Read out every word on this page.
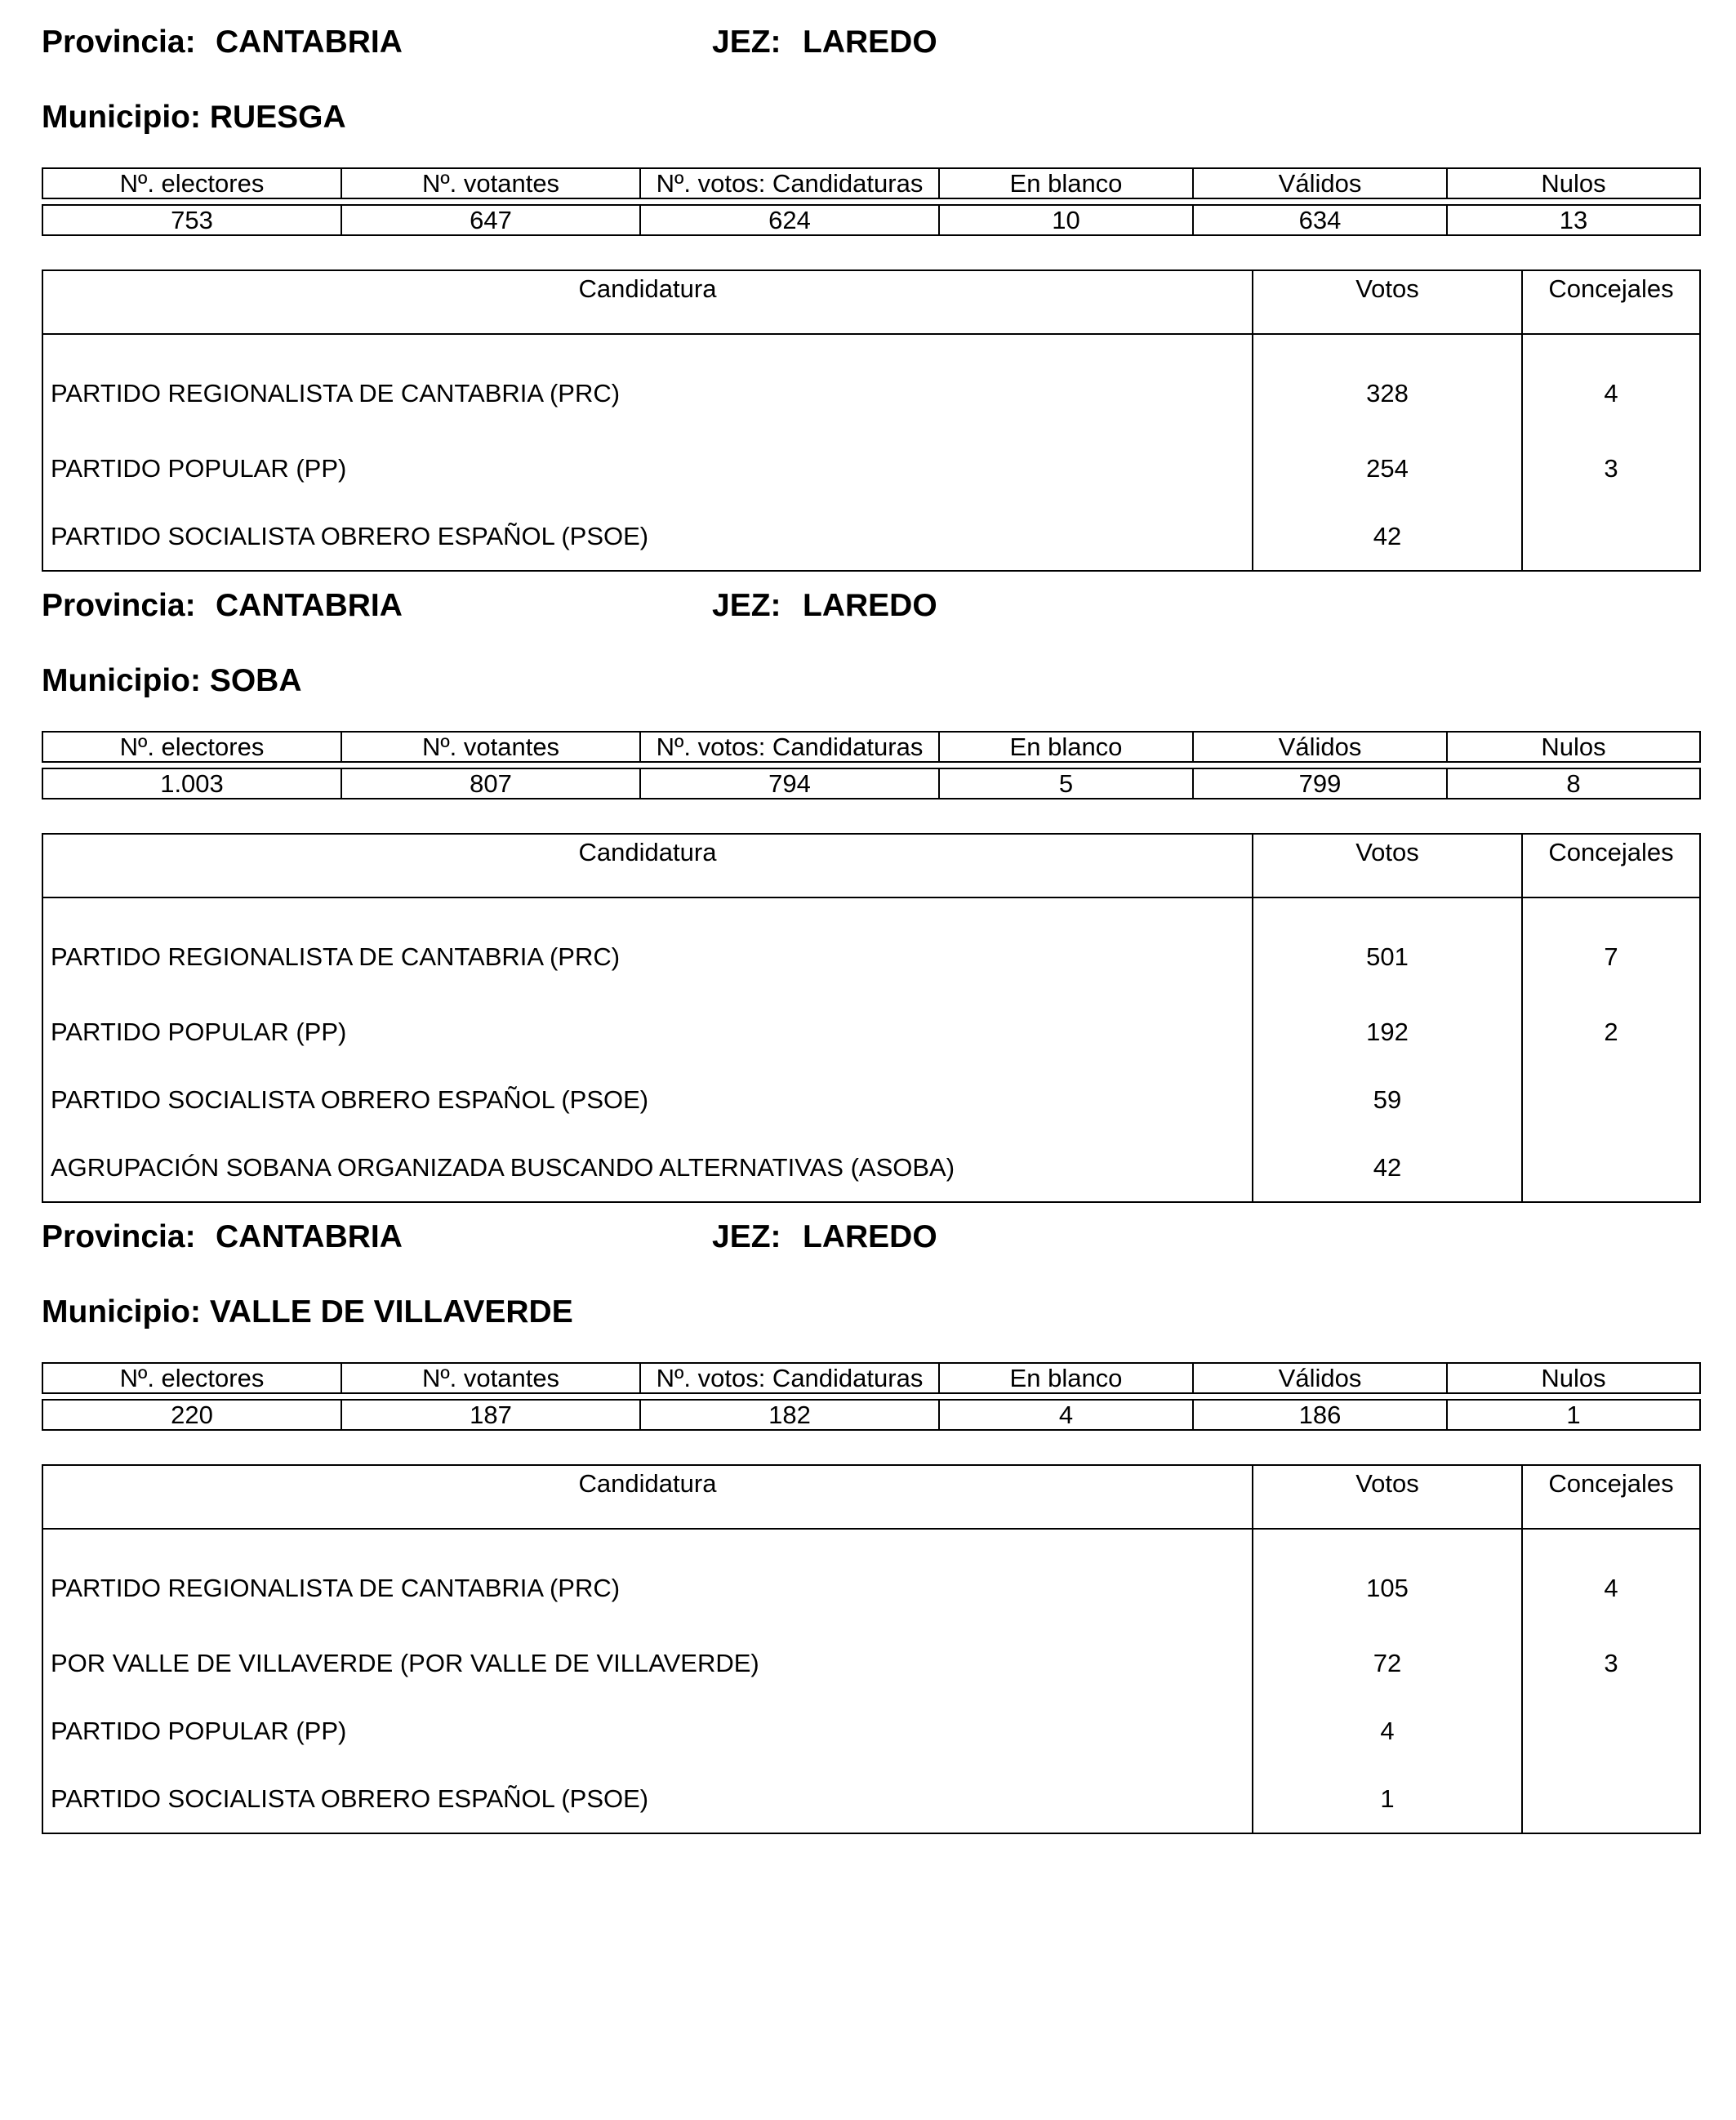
Provincia: CANTABRIA	JEZ: LAREDO
Municipio: RUESGA
Nº. electores	Nº. votantes	Nº. votos: Candidaturas	En blanco	Válidos	Nulos

753	647	624	10	634	13
Candidatura	Votos	Concejales
PARTIDO REGIONALISTA DE CANTABRIA (PRC)	328	4
PARTIDO POPULAR (PP)	254	3
PARTIDO SOCIALISTA OBRERO ESPAÑOL (PSOE)	42	
Provincia: CANTABRIA	JEZ: LAREDO
Municipio: SOBA
Nº. electores	Nº. votantes	Nº. votos: Candidaturas	En blanco	Válidos	Nulos

1.003	807	794	5	799	8
Candidatura	Votos	Concejales
PARTIDO REGIONALISTA DE CANTABRIA (PRC)	501	7
PARTIDO POPULAR (PP)	192	2
PARTIDO SOCIALISTA OBRERO ESPAÑOL (PSOE)	59	
AGRUPACIÓN SOBANA ORGANIZADA BUSCANDO ALTERNATIVAS (ASOBA)	42	
Provincia: CANTABRIA	JEZ: LAREDO
Municipio: VALLE DE VILLAVERDE
Nº. electores	Nº. votantes	Nº. votos: Candidaturas	En blanco	Válidos	Nulos

220	187	182	4	186	1
Candidatura	Votos	Concejales
PARTIDO REGIONALISTA DE CANTABRIA (PRC)	105	4
POR VALLE DE VILLAVERDE (POR VALLE DE VILLAVERDE)	72	3
PARTIDO POPULAR (PP)	4	
PARTIDO SOCIALISTA OBRERO ESPAÑOL (PSOE)	1	
